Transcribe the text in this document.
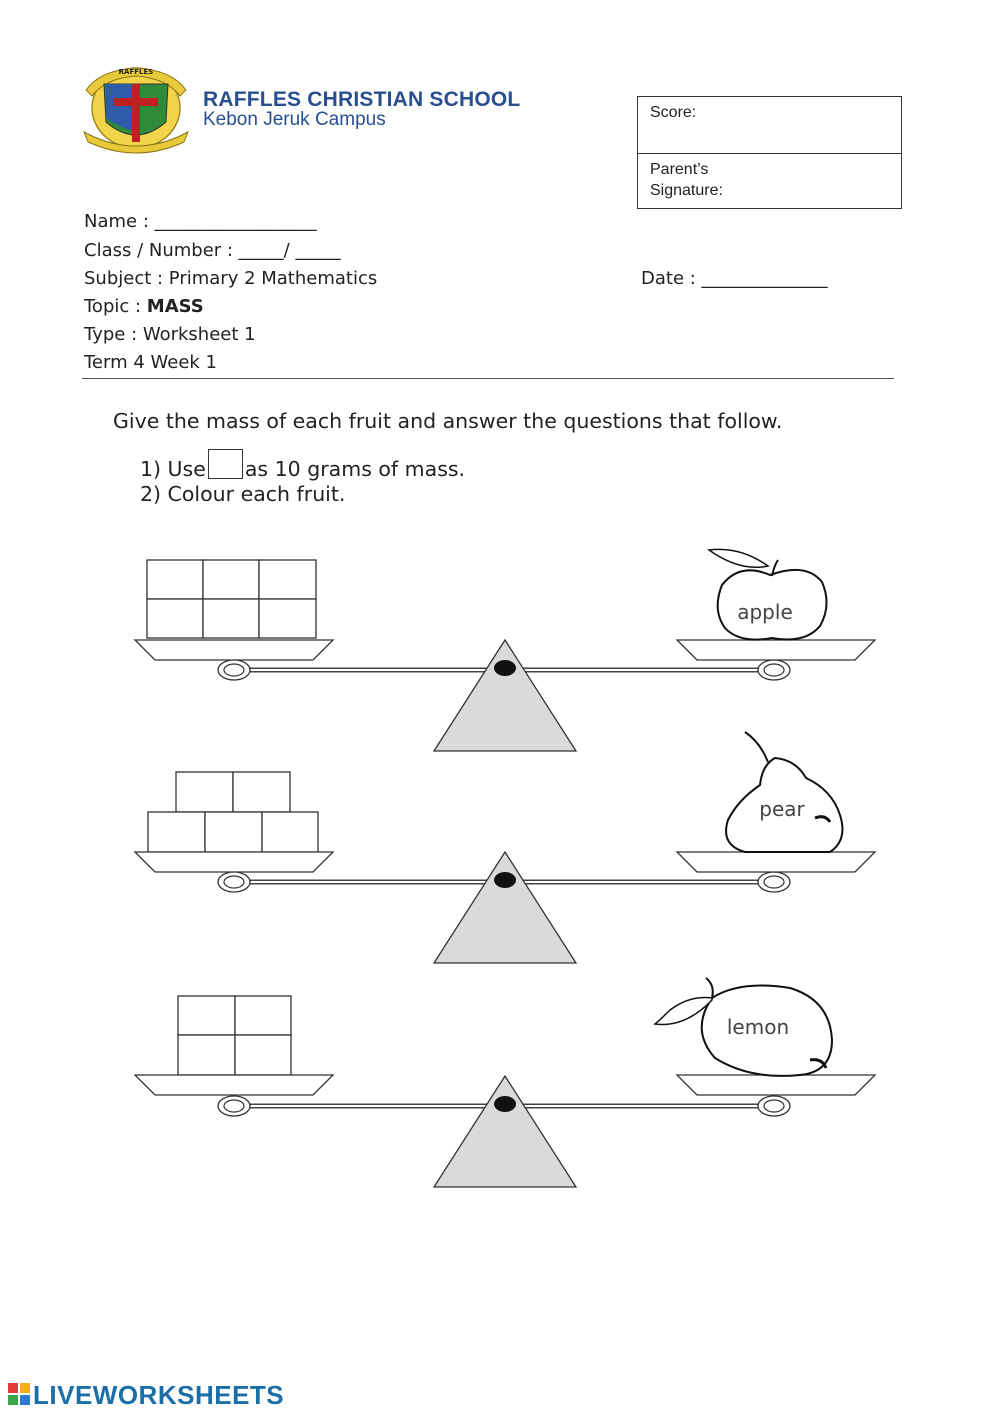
RAFFLES
RAFFLES CHRISTIAN SCHOOL
Kebon Jeruk Campus	Score:
Parent’s Signature:
Name : __________________
Class / Number : _____/ _____
Subject : Primary 2 Mathematics	Date : ______________
Topic : MASS
Type : Worksheet 1
Term 4 Week 1
Give the mass of each fruit and answer the questions that follow.
1) Use as 10 grams of mass.
2) Colour each fruit.
apple
pear
lemon
LIVEWORKSHEETS
